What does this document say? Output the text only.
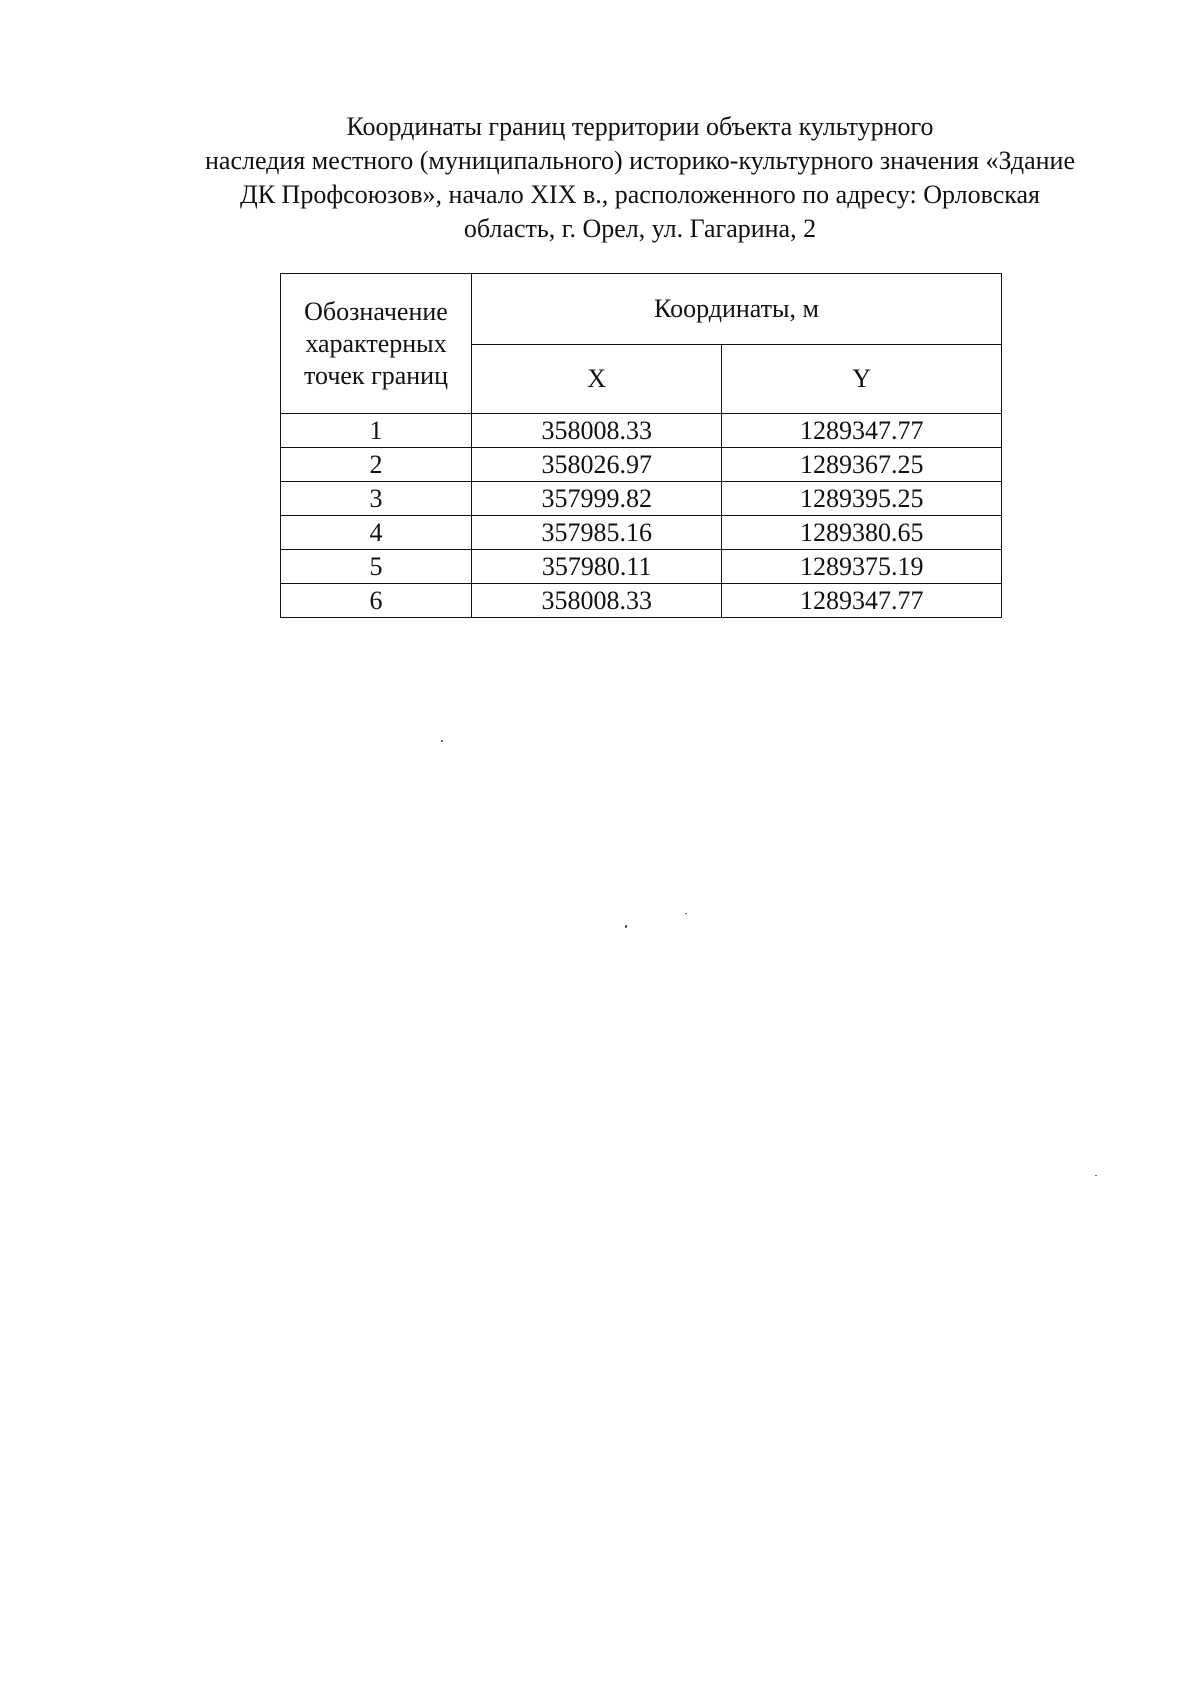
Координаты границ территории объекта культурного
наследия местного (муниципального) историко-культурного значения «Здание
ДК Профсоюзов», начало XIX в., расположенного по адресу: Орловская
область, г. Орел, ул. Гагарина, 2
Обозначение характерных точек границ	Координаты, м	
	X	Y
1	358008.33	1289347.77
2	358026.97	1289367.25
3	357999.82	1289395.25
4	357985.16	1289380.65
5	357980.11	1289375.19
6	358008.33	1289347.77
